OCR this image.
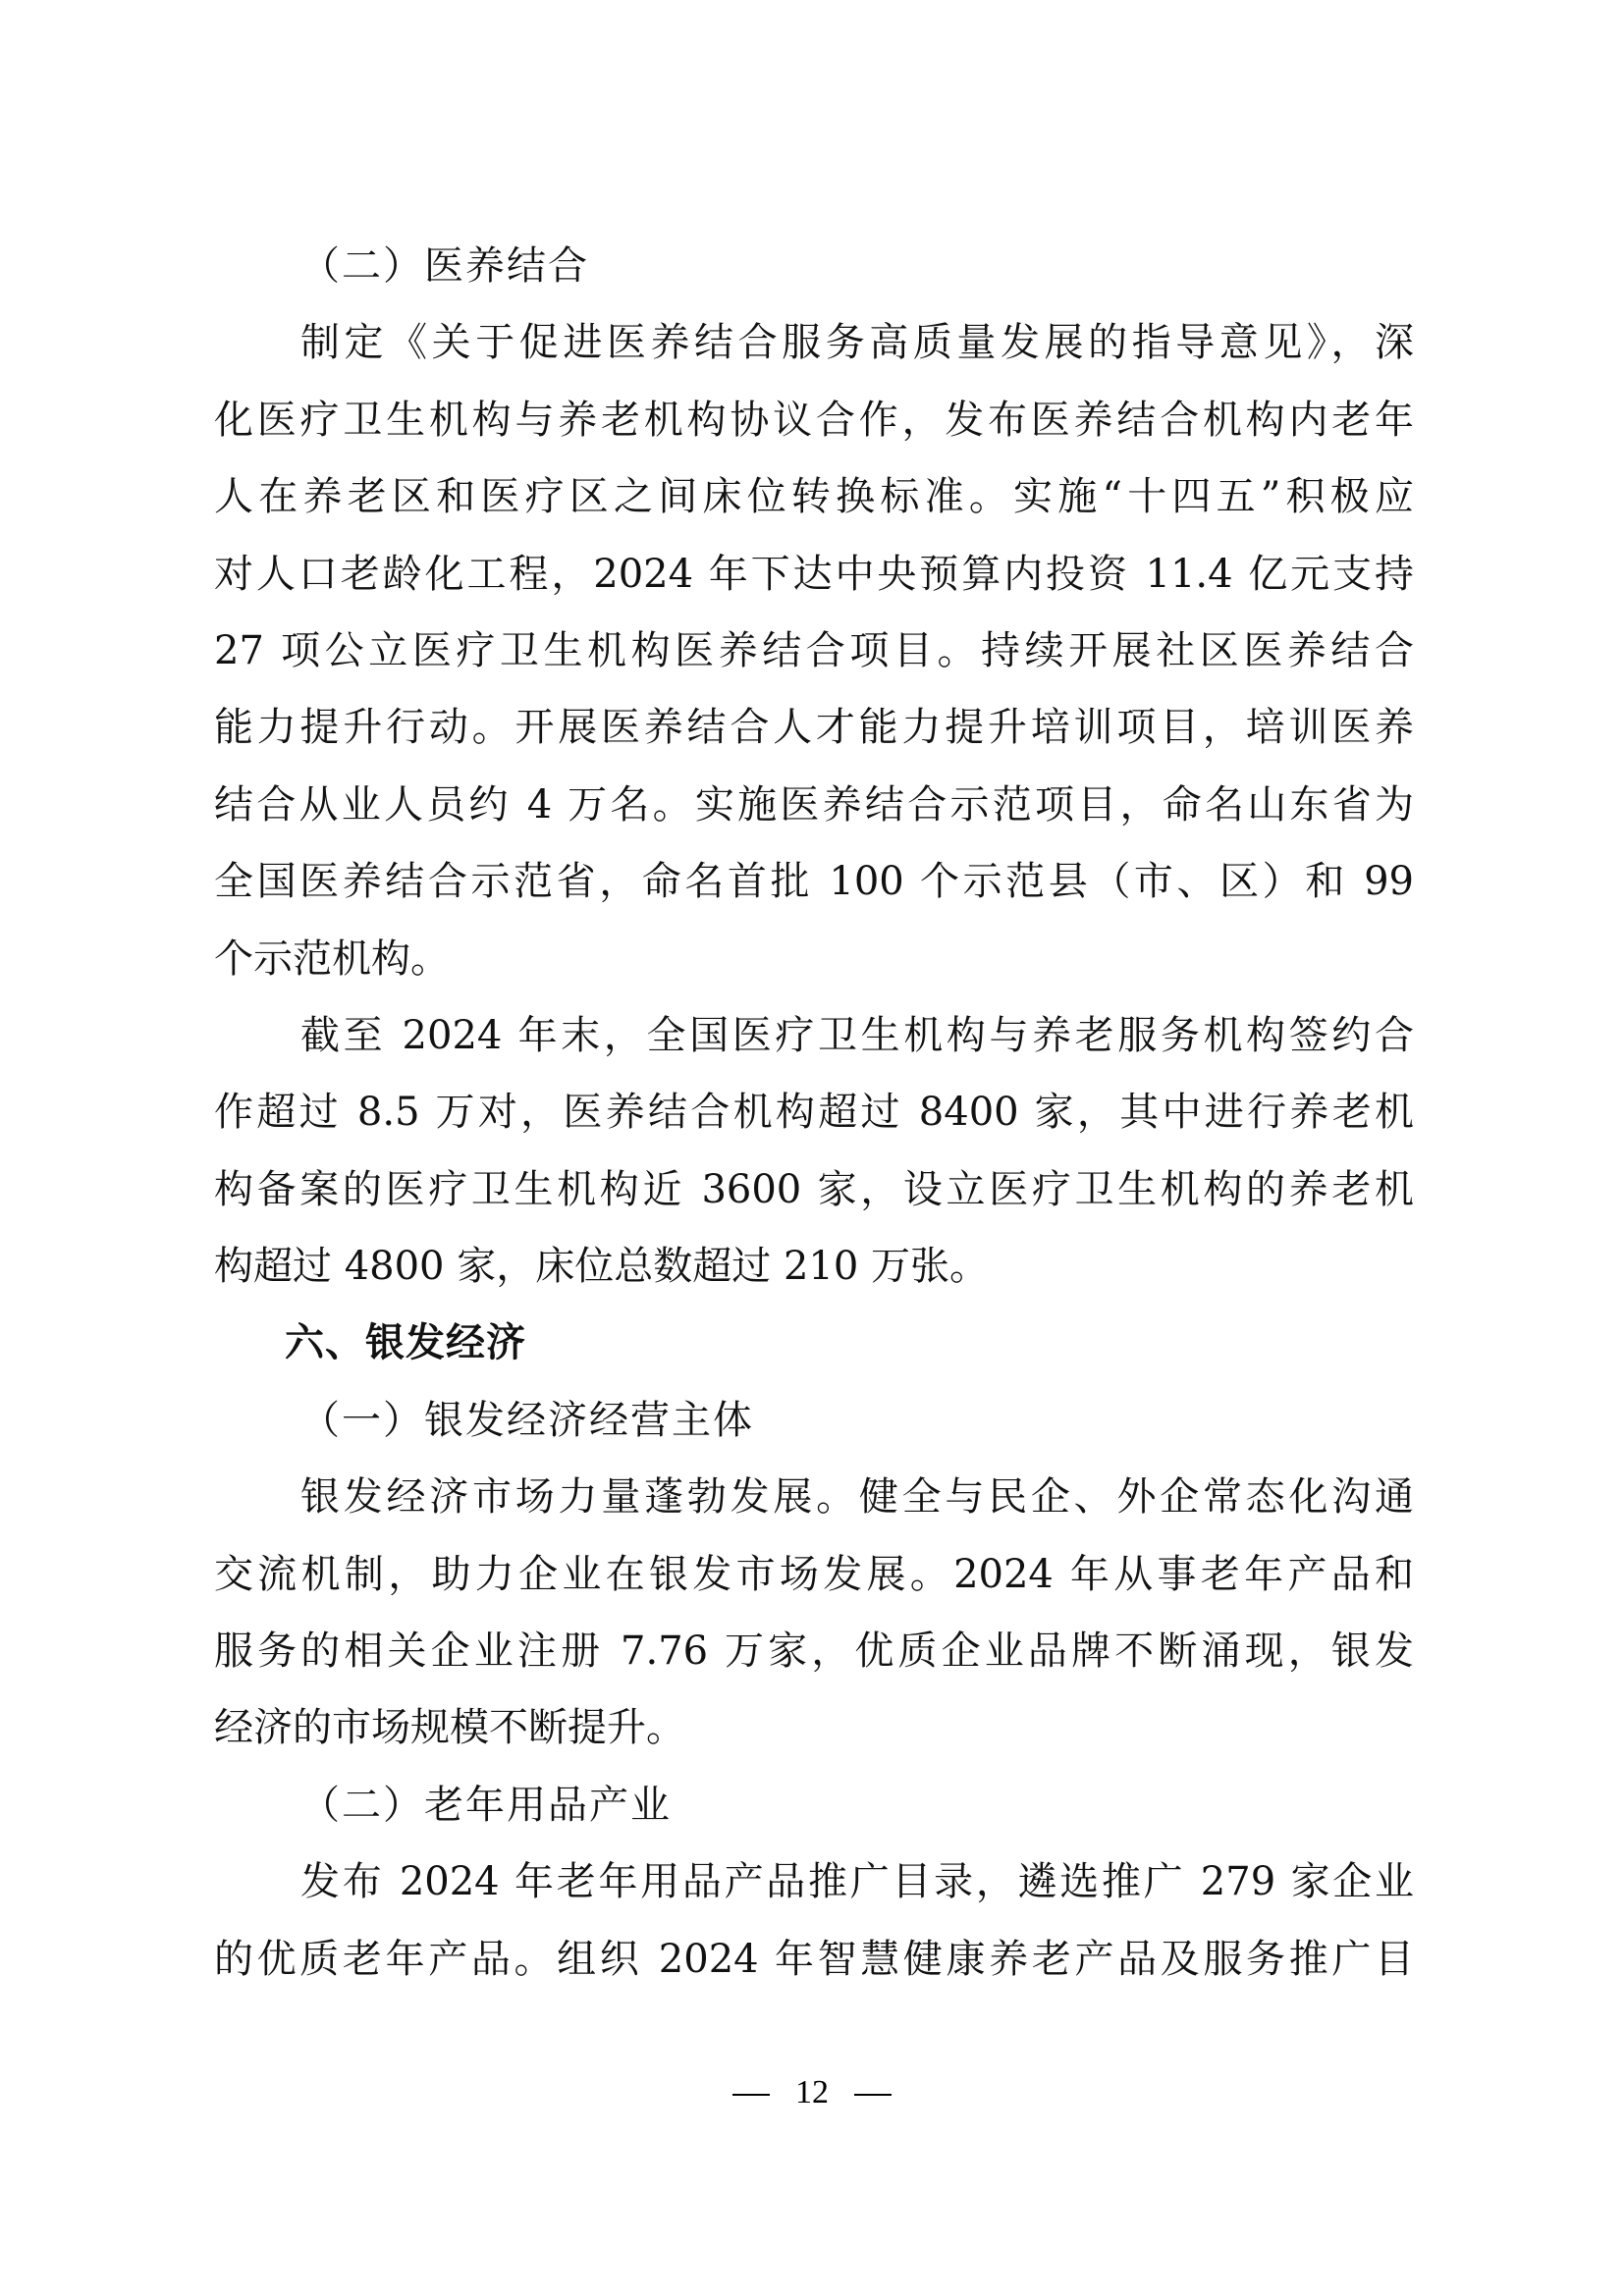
（二）医养结合
制定《关于促进医养结合服务高质量发展的指导意见》，深
化医疗卫生机构与养老机构协议合作，发布医养结合机构内老年
人在养老区和医疗区之间床位转换标准。实施“十四五”积极应
对人口老龄化工程，2024 年下达中央预算内投资 11.4 亿元支持
27 项公立医疗卫生机构医养结合项目。持续开展社区医养结合
能力提升行动。开展医养结合人才能力提升培训项目，培训医养
结合从业人员约 4 万名。实施医养结合示范项目，命名山东省为
全国医养结合示范省，命名首批 100 个示范县（市、区）和 99
个示范机构。
截至 2024 年末，全国医疗卫生机构与养老服务机构签约合
作超过 8.5 万对，医养结合机构超过 8400 家，其中进行养老机
构备案的医疗卫生机构近 3600 家，设立医疗卫生机构的养老机
构超过 4800 家，床位总数超过 210 万张。
六、银发经济
（一）银发经济经营主体
银发经济市场力量蓬勃发展。健全与民企、外企常态化沟通
交流机制，助力企业在银发市场发展。2024 年从事老年产品和
服务的相关企业注册 7.76 万家，优质企业品牌不断涌现，银发
经济的市场规模不断提升。
（二）老年用品产业
发布 2024 年老年用品产品推广目录，遴选推广 279 家企业
的优质老年产品。组织 2024 年智慧健康养老产品及服务推广目
12
